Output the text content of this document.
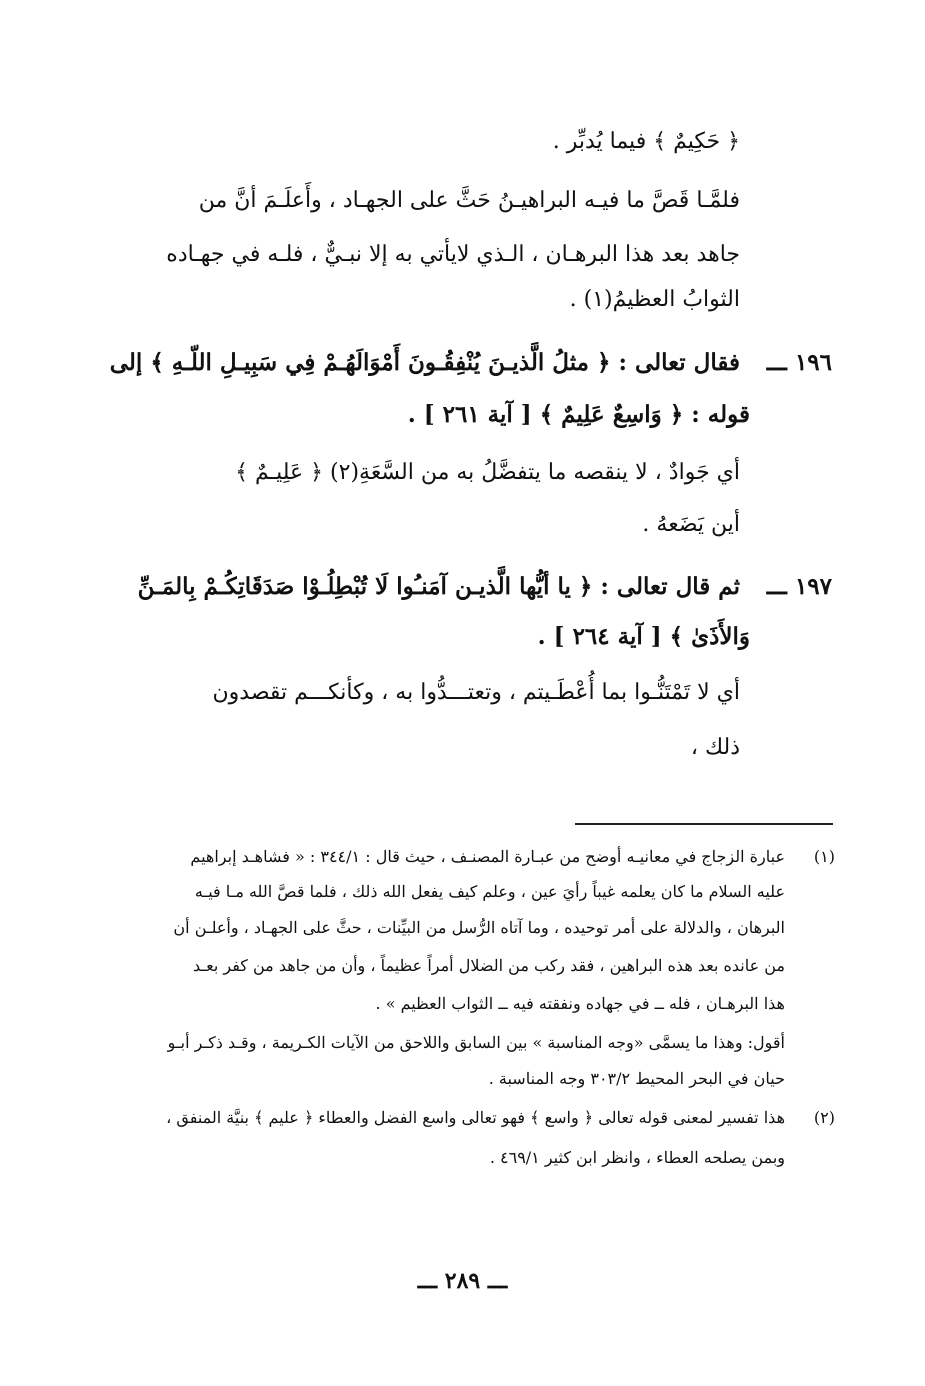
﴿ حَكِيمٌ ﴾ فيما يُدبِّر .
فلمَّـا قَصَّ ما فيـه البراهيـنُ حَثَّ على الجهـاد ، وأَعلَـمَ أنَّ من
جاهد بعد هذا البرهـان ، الـذي لايأتي به إلا نبـيٌّ ، فلـه في جهـاده
الثوابُ العظيمُ(١) .
١٩٦ ـــ
فقال تعالى : ﴿ مثلُ الَّذيـنَ يُنْفِقُـونَ أَمْوَالَهُـمْ فِي سَبِيـلِ اللّـهِ ﴾ إلى
قوله : ﴿ وَاسِعٌ عَلِيمٌ ﴾ [ آية ٢٦١ ] .
أي جَوادٌ ، لا ينقصه ما يتفضَّلُ به من السَّعَةِ(٢) ﴿ عَلِيـمٌ ﴾
أين يَضَعهُ .
١٩٧ ـــ
ثم قال تعالى : ﴿ يا أيُّها الَّذيـن آمَنـُوا لَا تُبْطِلُـوْا صَدَقَاتِكُـمْ بِالمَـنِّ
وَالأَذَىٰ ﴾ [ آية ٢٦٤ ] .
أي لا تَمْتَنُّـوا بما أُعْطَـيتم ، وتعتـــدُّوا به ، وكأنكـــم تقصدون
ذلك ،
(١)
عبارة الزجاج في معانيـه أوضح من عبـارة المصنـف ، حيث قال : ٣٤٤/١ : « فشاهـد إبراهيم
عليه السلام ما كان يعلمه غيباً رأيَ عين ، وعلم كيف يفعل الله ذلك ، فلما قصَّ الله مـا فيـه
البرهان ، والدلالة على أمر توحيده ، وما آتاه الرُّسل من البيِّنات ، حثَّ على الجهـاد ، وأعلـن أن
من عانده بعد هذه البراهين ، فقد ركب من الضلال أمراً عظيماً ، وأن من جاهد من كفر بعـد
هذا البرهـان ، فله ــ في جهاده ونفقته فيه ــ الثواب العظيم » .
أقول: وهذا ما يسمَّى «وجه المناسبة » بين السابق واللاحق من الآيات الكـريمة ، وقـد ذكـر أبـو
حيان في البحر المحيط ٣٠٣/٢ وجه المناسبة .
(٢)
هذا تفسير لمعنى قوله تعالى ﴿ واسع ﴾ فهو تعالى واسع الفضل والعطاء ﴿ عليم ﴾ بنيَّة المنفق ،
وبمن يصلحه العطاء ، وانظر ابن كثير ٤٦٩/١ .
ـــ ٢٨٩ ـــ
